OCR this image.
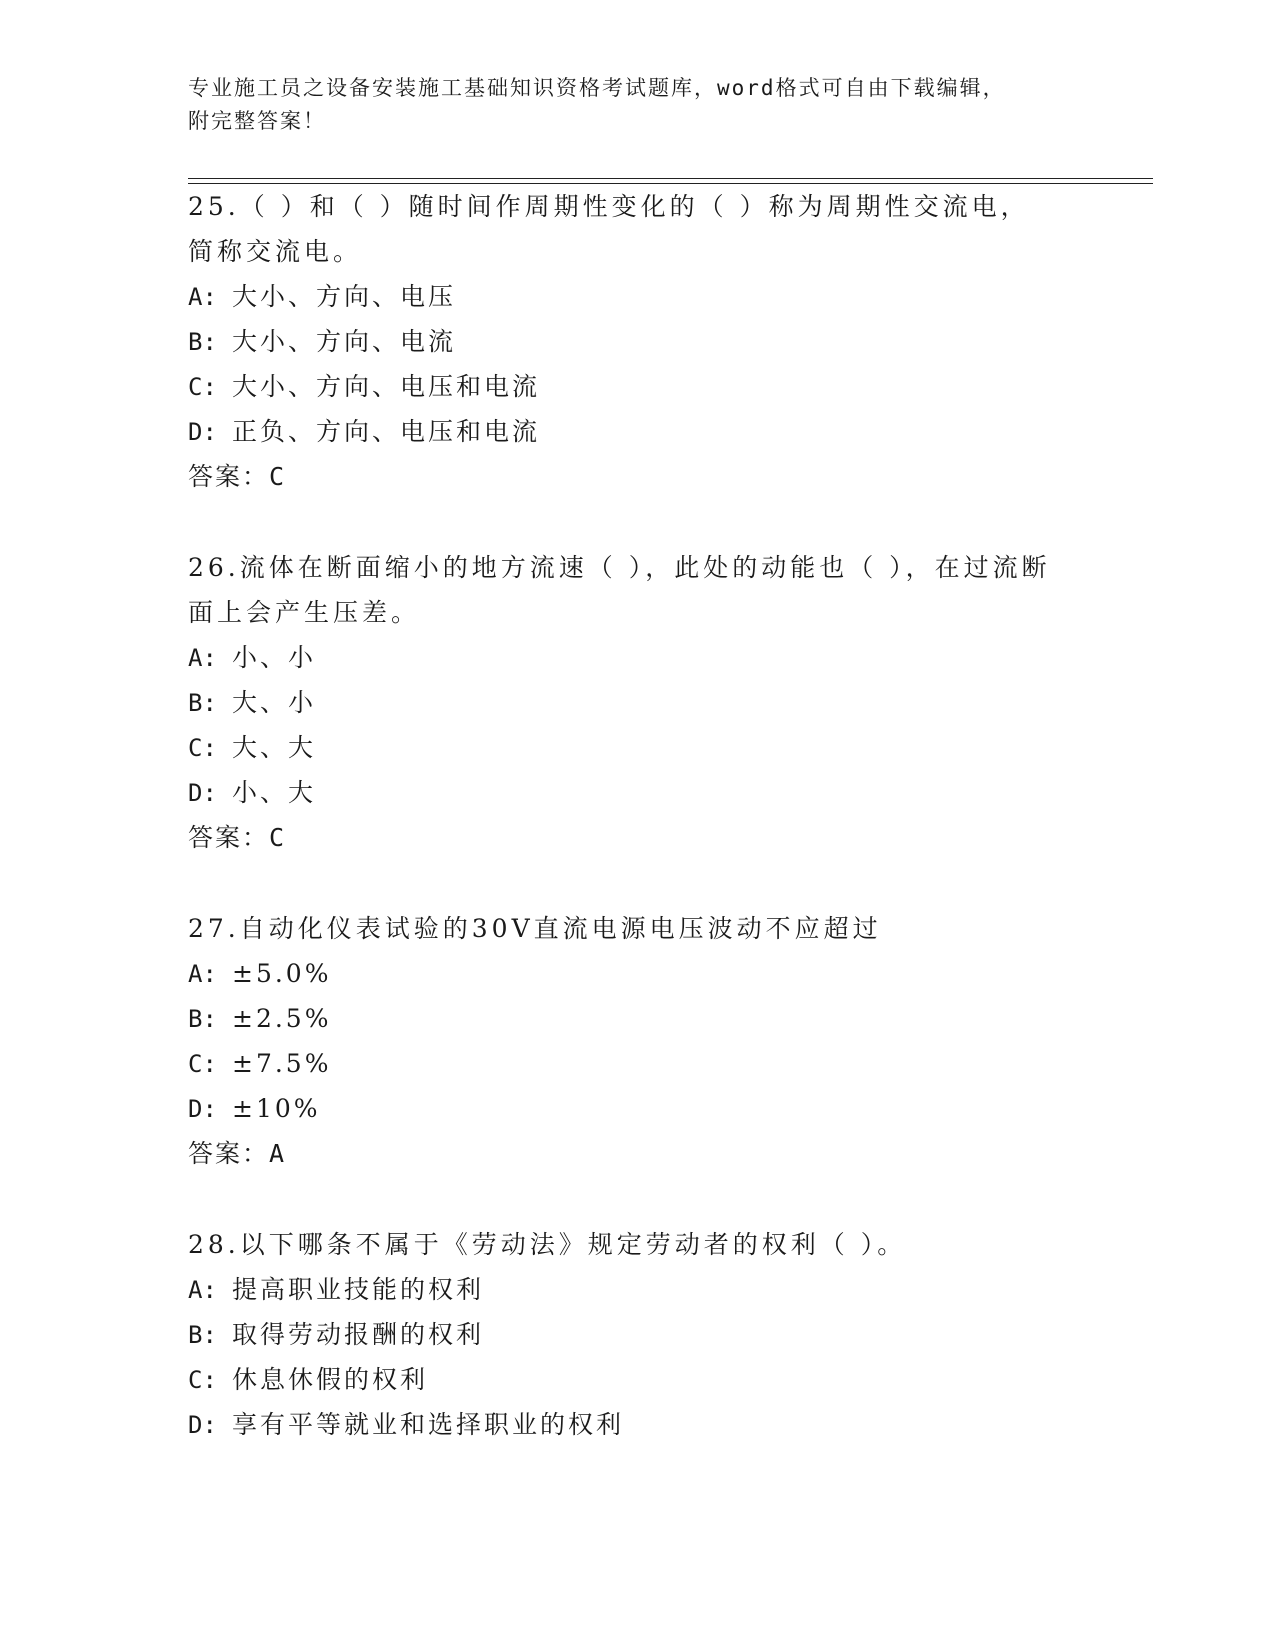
专业施工员之设备安装施工基础知识资格考试题库，word格式可自由下载编辑，
附完整答案！
25.（ ）和（ ）随时间作周期性变化的（ ）称为周期性交流电，简称交流电。
A: 大小、方向、电压
B: 大小、方向、电流
C: 大小、方向、电压和电流
D: 正负、方向、电压和电流
答案：C
26.流体在断面缩小的地方流速（ ），此处的动能也（ ），在过流断面上会产生压差。
A: 小、小
B: 大、小
C: 大、大
D: 小、大
答案：C
27.自动化仪表试验的30V直流电源电压波动不应超过
A: ±5.0%
B: ±2.5%
C: ±7.5%
D: ±10%
答案：A
28.以下哪条不属于《劳动法》规定劳动者的权利（ ）。
A: 提高职业技能的权利
B: 取得劳动报酬的权利
C: 休息休假的权利
D: 享有平等就业和选择职业的权利
